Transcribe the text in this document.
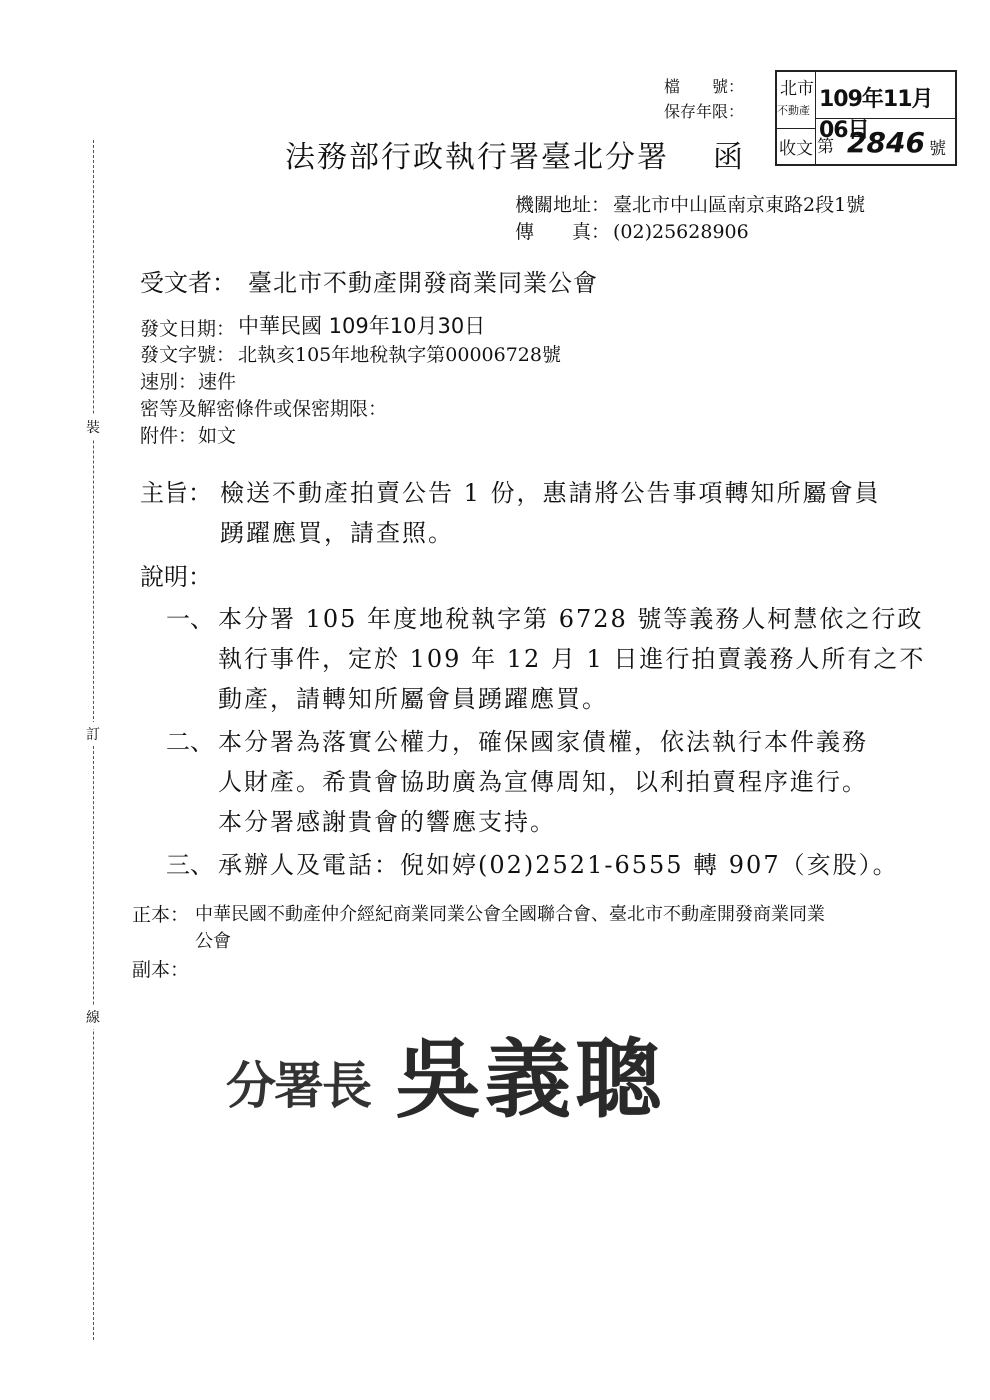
裝
訂
線
檔　　號：
保存年限：
北市
不動產
收文
109年11月06日
第 2846 號
法務部行政執行署臺北分署 函
機關地址： 臺北市中山區南京東路2段1號
傳　　真： (02)25628906
受文者： 臺北市不動產開發商業同業公會
發文日期： 中華民國 109年10月30日
發文字號： 北執亥105年地稅執字第00006728號
速別： 速件
密等及解密條件或保密期限：
附件： 如文
主旨： 檢送不動產拍賣公告 1 份，惠請將公告事項轉知所屬會員
踴躍應買，請查照。
說明：
一、 本分署 105 年度地稅執字第 6728 號等義務人柯慧依之行政
執行事件，定於 109 年 12 月 1 日進行拍賣義務人所有之不
動產，請轉知所屬會員踴躍應買。
二、 本分署為落實公權力，確保國家債權，依法執行本件義務
人財產。希貴會協助廣為宣傳周知，以利拍賣程序進行。
本分署感謝貴會的響應支持。
三、 承辦人及電話：倪如婷(02)2521-6555 轉 907（亥股）。
正本： 中華民國不動產仲介經紀商業同業公會全國聯合會、臺北市不動產開發商業同業
公會
副本：
分署長 吳義聰
